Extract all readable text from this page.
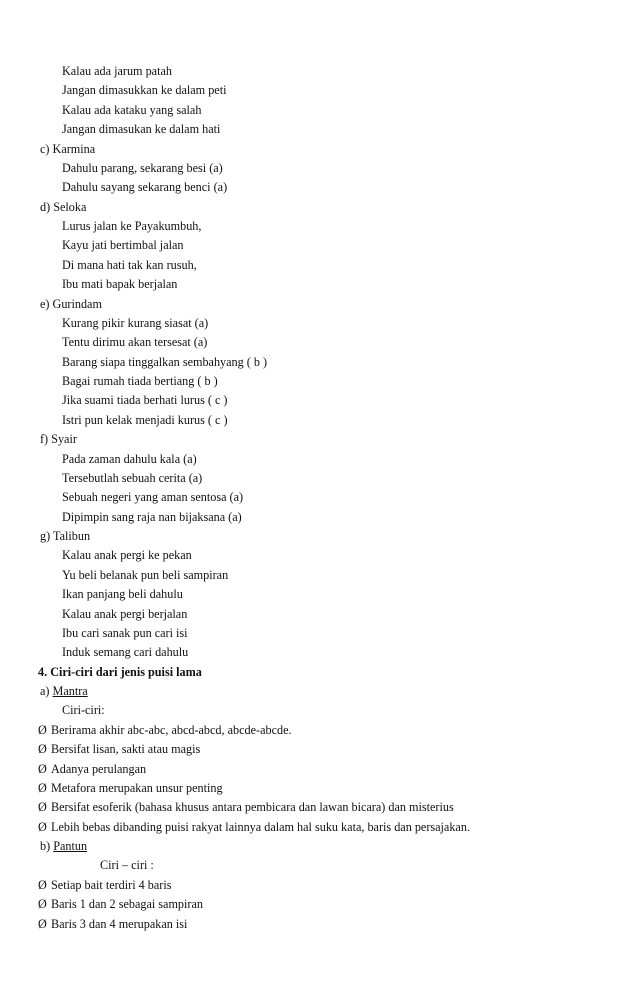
Kalau ada jarum patah
Jangan dimasukkan ke dalam peti
Kalau ada kataku yang salah
Jangan dimasukan ke dalam hati
c) Karmina
Dahulu parang, sekarang besi (a)
Dahulu sayang sekarang benci (a)
d) Seloka
Lurus jalan ke Payakumbuh,
Kayu jati bertimbal jalan
Di mana hati tak kan rusuh,
Ibu mati bapak berjalan
e) Gurindam
Kurang pikir kurang siasat (a)
Tentu dirimu akan tersesat (a)
Barang siapa tinggalkan sembahyang ( b )
Bagai rumah tiada bertiang ( b )
Jika suami tiada berhati lurus ( c )
Istri pun kelak menjadi kurus ( c )
f) Syair
Pada zaman dahulu kala (a)
Tersebutlah sebuah cerita (a)
Sebuah negeri yang aman sentosa (a)
Dipimpin sang raja nan bijaksana (a)
g) Talibun
Kalau anak pergi ke pekan
Yu beli belanak pun beli sampiran
Ikan panjang beli dahulu
Kalau anak pergi berjalan
Ibu cari sanak pun cari isi
Induk semang cari dahulu
4. Ciri-ciri dari jenis puisi lama
a) Mantra
Ciri-ciri:
Ø Berirama akhir abc-abc, abcd-abcd, abcde-abcde.
Ø Bersifat lisan, sakti atau magis
Ø Adanya perulangan
Ø Metafora merupakan unsur penting
Ø Bersifat esoferik (bahasa khusus antara pembicara dan lawan bicara) dan misterius
Ø Lebih bebas dibanding puisi rakyat lainnya dalam hal suku kata, baris dan persajakan.
b) Pantun
Ciri – ciri :
Ø Setiap bait terdiri 4 baris
Ø Baris 1 dan 2 sebagai sampiran
Ø Baris 3 dan 4 merupakan isi
